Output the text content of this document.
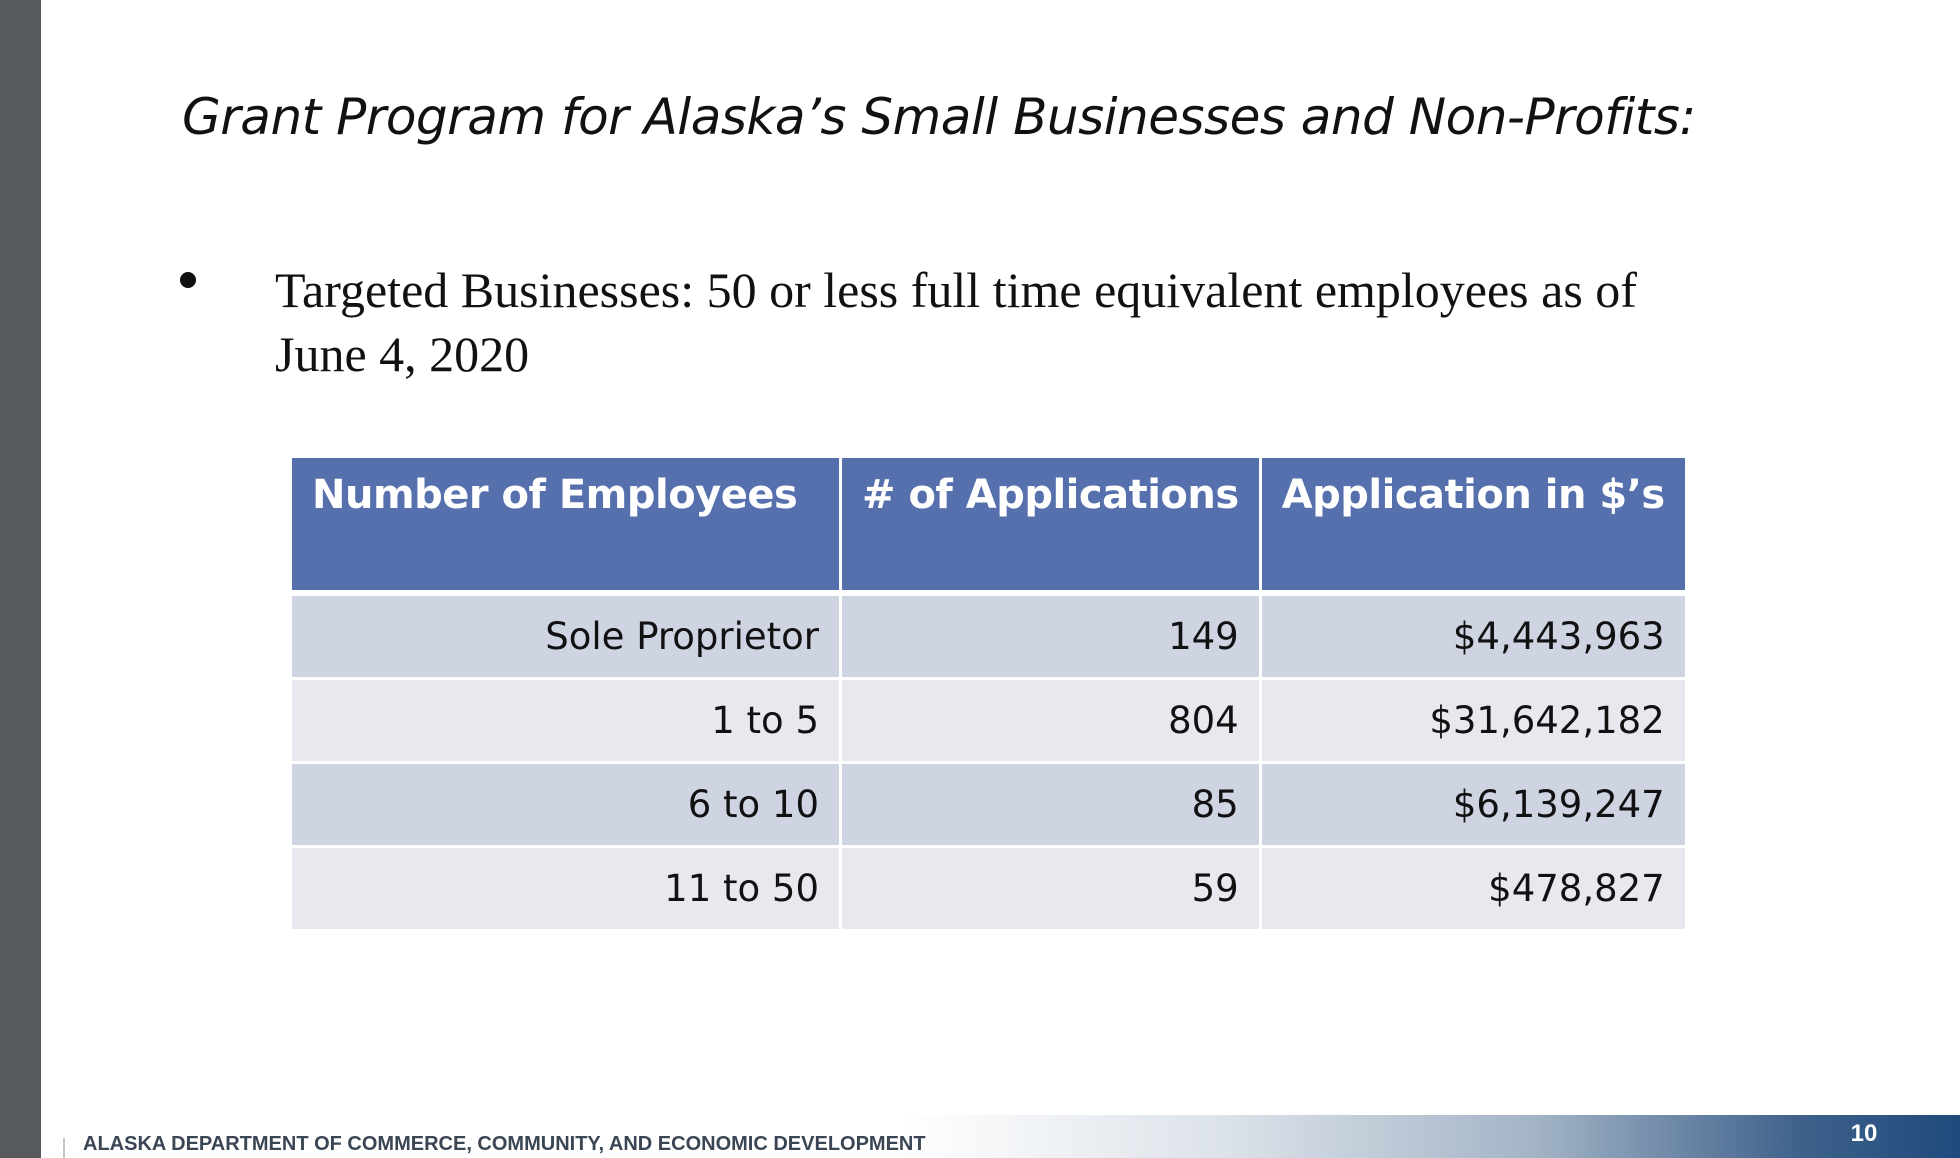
Grant Program for Alaska’s Small Businesses and Non-Profits:
Targeted Businesses: 50 or less full time equivalent employees as of June 4, 2020
Number of Employees	# of Applications	Application in $’s
Sole Proprietor	149	$4,443,963
1 to 5	804	$31,642,182
6 to 10	85	$6,139,247
11 to 50	59	$478,827
ALASKA DEPARTMENT OF COMMERCE, COMMUNITY, AND ECONOMIC DEVELOPMENT	10
